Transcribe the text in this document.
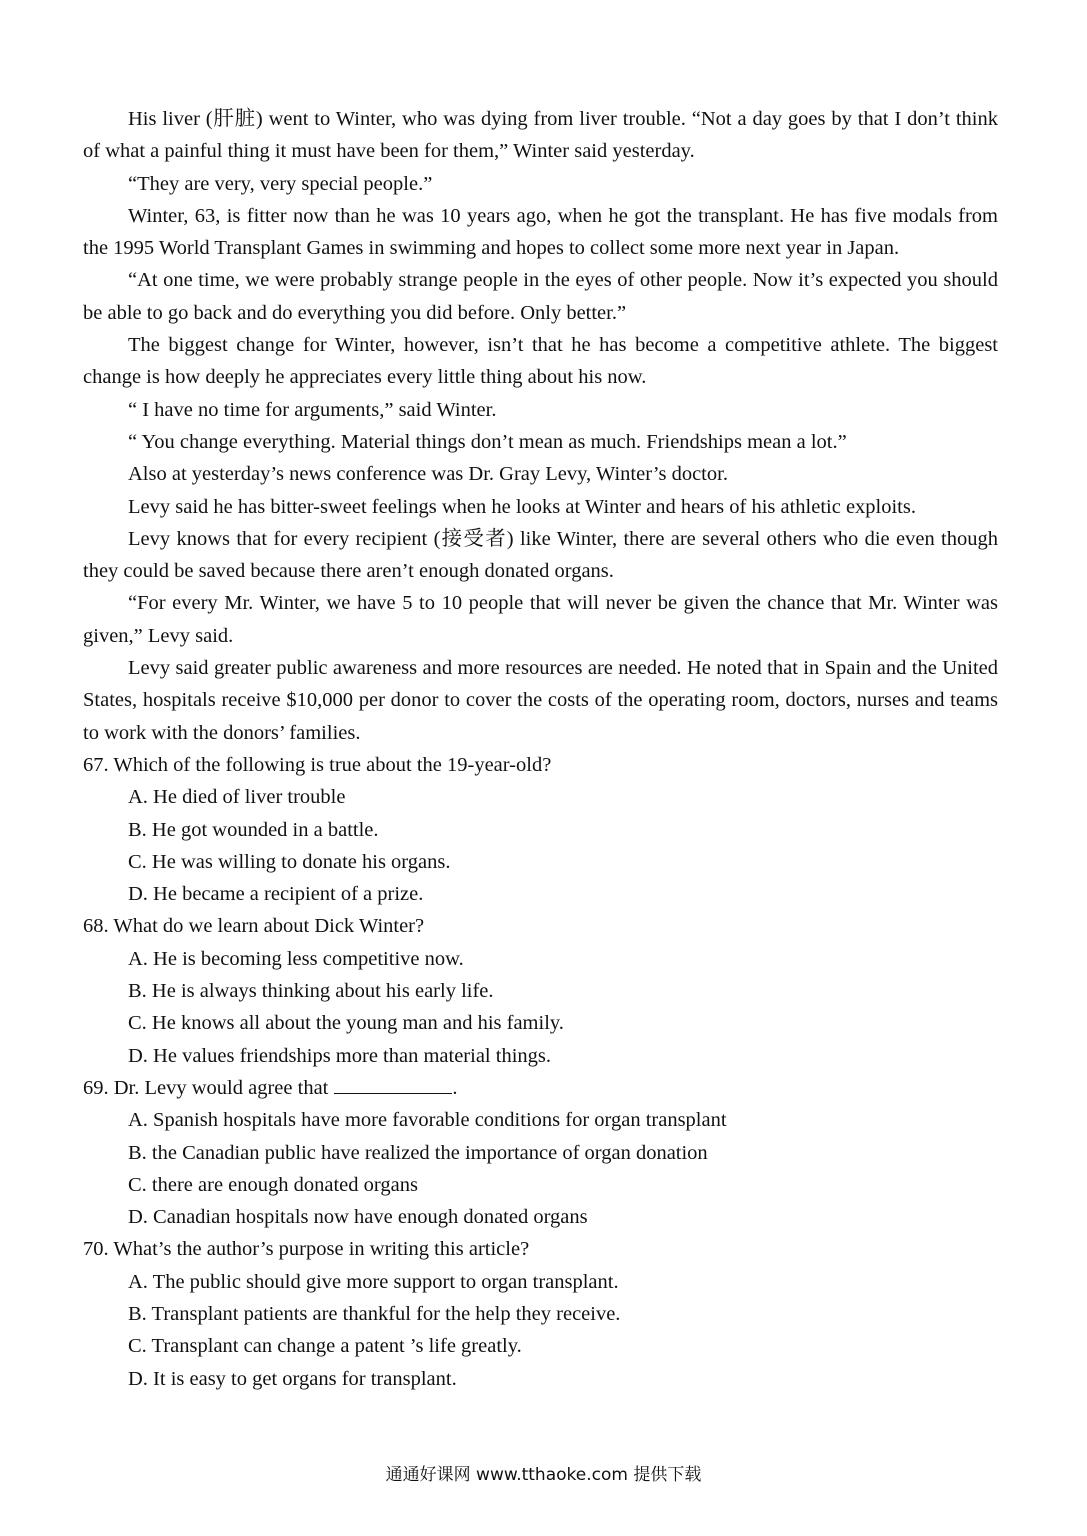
His liver (肝脏) went to Winter, who was dying from liver trouble. “Not a day goes by that I don’t think of what a painful thing it must have been for them,” Winter said yesterday.

“They are very, very special people.”

Winter, 63, is fitter now than he was 10 years ago, when he got the transplant. He has five modals from the 1995 World Transplant Games in swimming and hopes to collect some more next year in Japan.

“At one time, we were probably strange people in the eyes of other people. Now it’s expected you should be able to go back and do everything you did before. Only better.”

The biggest change for Winter, however, isn’t that he has become a competitive athlete. The biggest change is how deeply he appreciates every little thing about his now.

“ I have no time for arguments,” said Winter.

“ You change everything. Material things don’t mean as much. Friendships mean a lot.”

Also at yesterday’s news conference was Dr. Gray Levy, Winter’s doctor.

Levy said he has bitter-sweet feelings when he looks at Winter and hears of his athletic exploits.

Levy knows that for every recipient (接受者) like Winter, there are several others who die even though they could be saved because there aren’t enough donated organs.

“For every Mr. Winter, we have 5 to 10 people that will never be given the chance that Mr. Winter was given,” Levy said.

Levy said greater public awareness and more resources are needed. He noted that in Spain and the United States, hospitals receive $10,000 per donor to cover the costs of the operating room, doctors, nurses and teams to work with the donors’ families.

67. Which of the following is true about the 19-year-old?

A. He died of liver trouble

B. He got wounded in a battle.

C. He was willing to donate his organs.

D. He became a recipient of a prize.

68. What do we learn about Dick Winter?

A. He is becoming less competitive now.

B. He is always thinking about his early life.

C. He knows all about the young man and his family.

D. He values friendships more than material things.

69. Dr. Levy would agree that	.

A. Spanish hospitals have more favorable conditions for organ transplant

B. the Canadian public have realized the importance of organ donation

C. there are enough donated organs

D. Canadian hospitals now have enough donated organs

70. What’s the author’s purpose in writing this article?

A. The public should give more support to organ transplant.

B. Transplant patients are thankful for the help they receive.

C. Transplant can change a patent ’s life greatly.

D. It is easy to get organs for transplant.

通通好课网 www.tthaoke.com 提供下载
